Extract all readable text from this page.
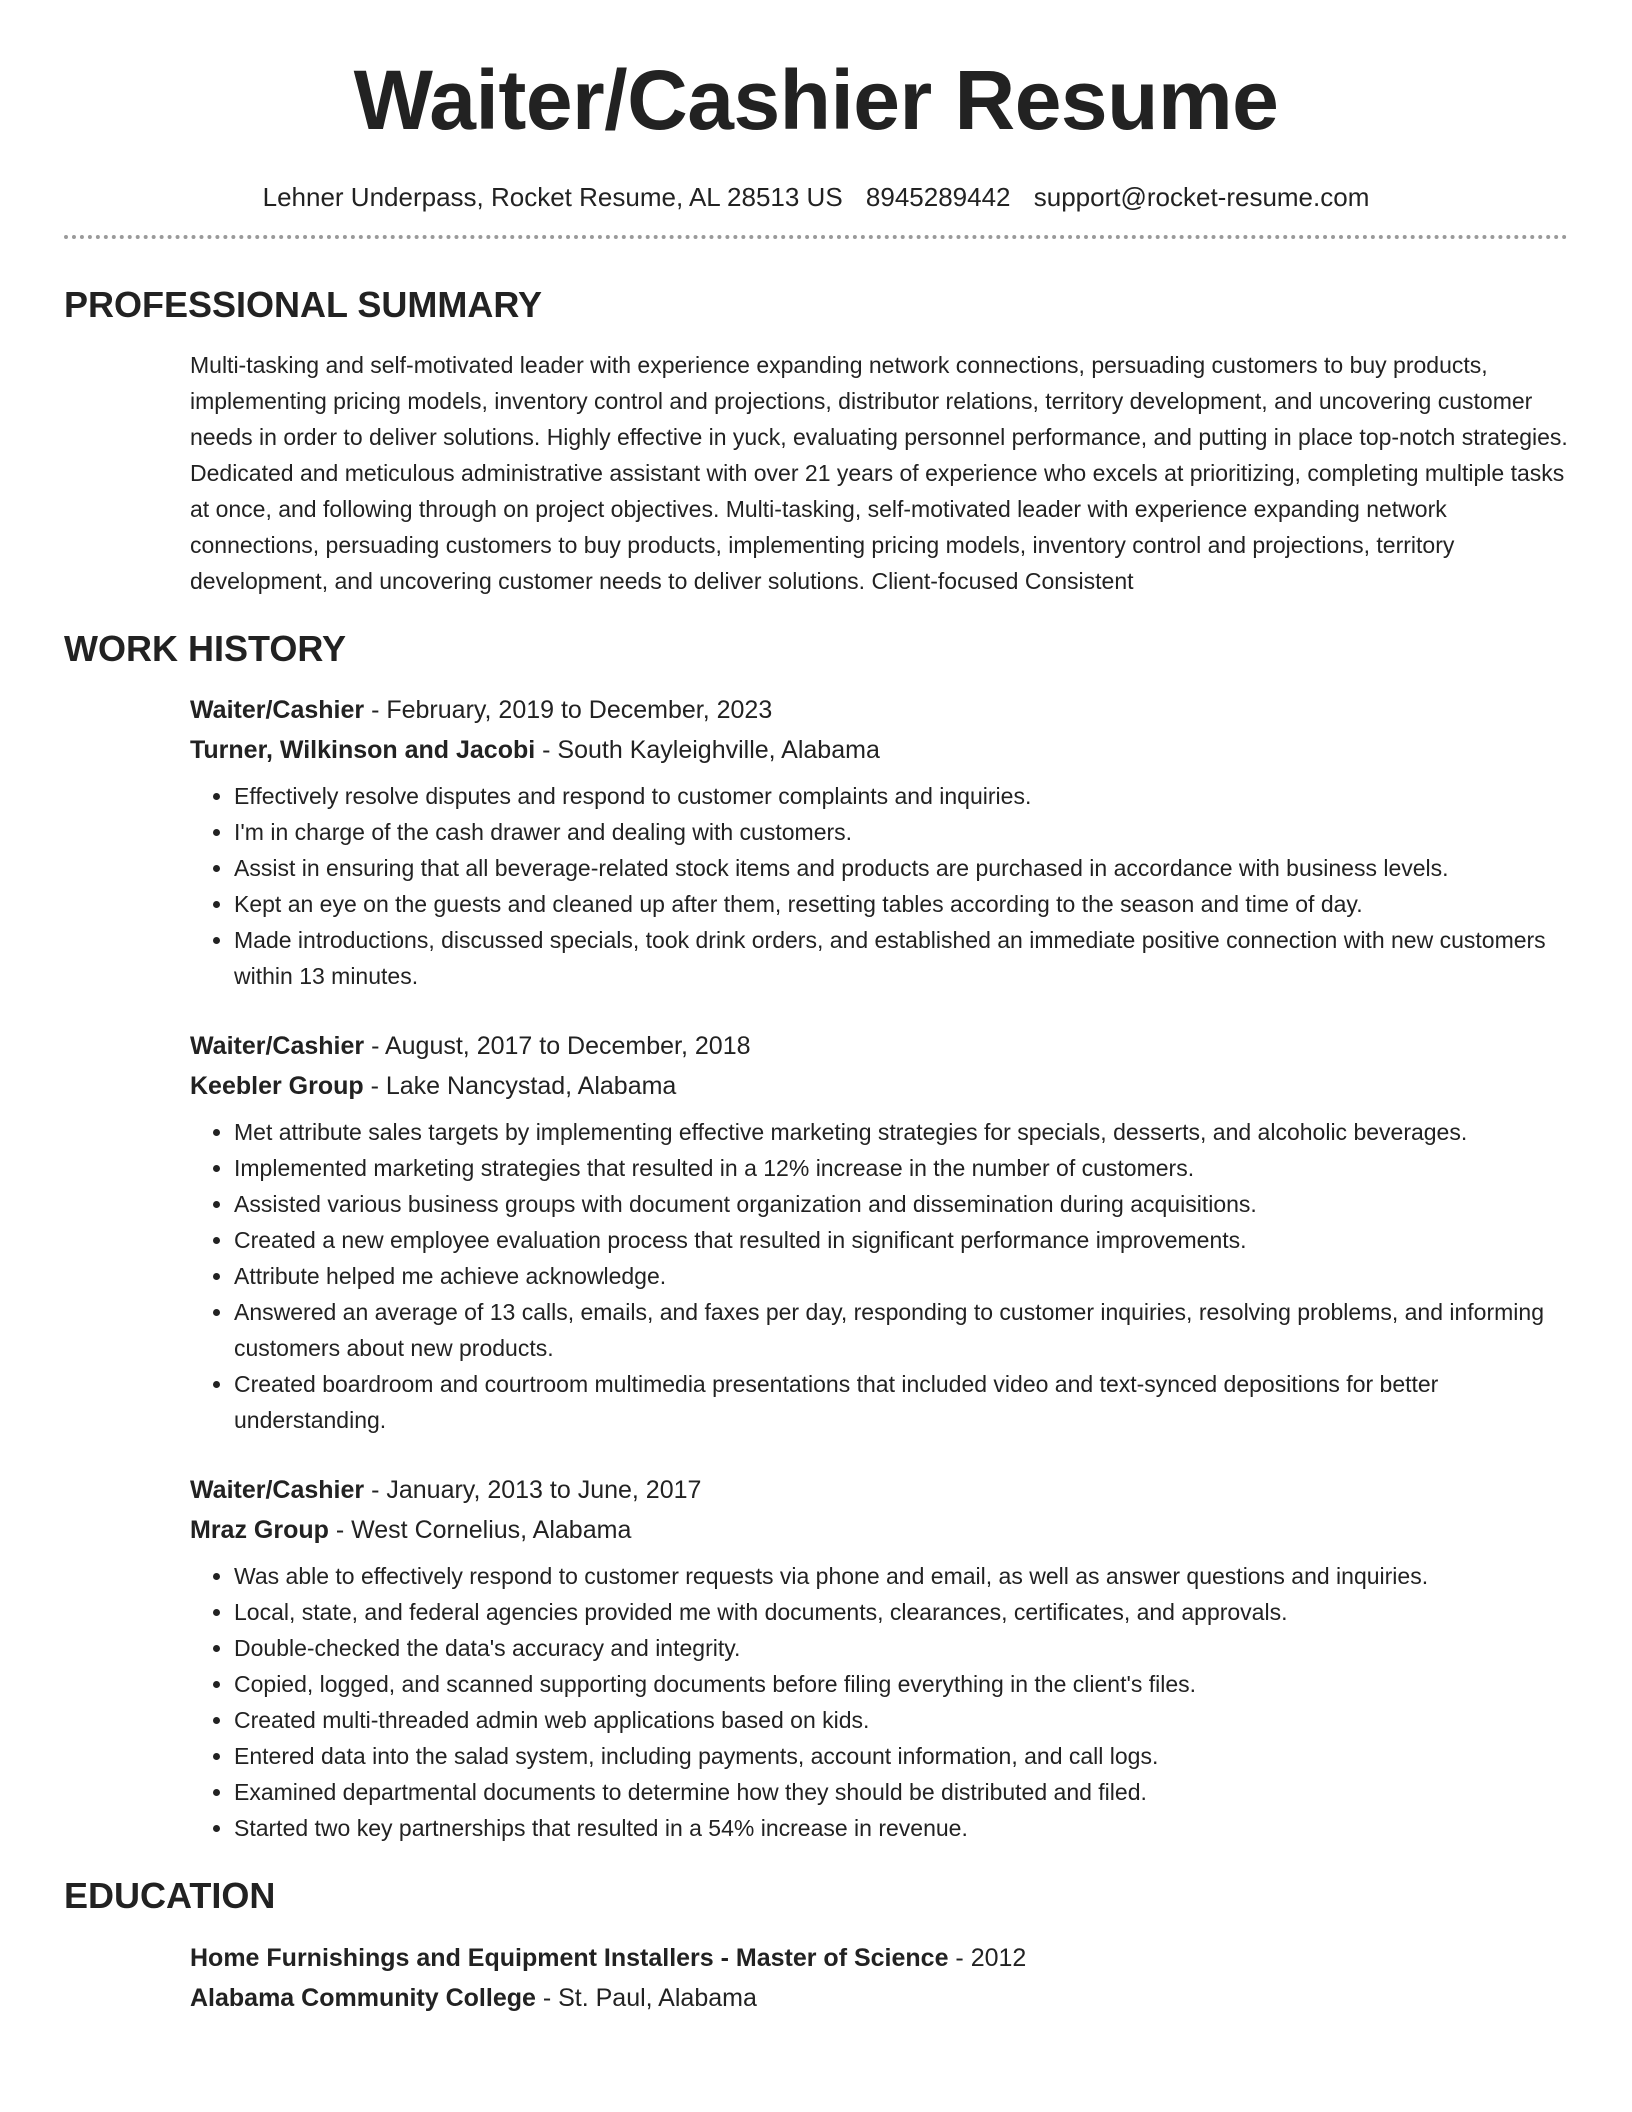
Waiter/Cashier Resume
Lehner Underpass, Rocket Resume, AL 28513 US 8945289442 support@rocket-resume.com
PROFESSIONAL SUMMARY

Multi-tasking and self-motivated leader with experience expanding network connections, persuading customers to buy products, implementing pricing models, inventory control and projections, distributor relations, territory development, and uncovering customer needs in order to deliver solutions. Highly effective in yuck, evaluating personnel performance, and putting in place top-notch strategies. Dedicated and meticulous administrative assistant with over 21 years of experience who excels at prioritizing, completing multiple tasks at once, and following through on project objectives. Multi-tasking, self-motivated leader with experience expanding network connections, persuading customers to buy products, implementing pricing models, inventory control and projections, territory development, and uncovering customer needs to deliver solutions. Client-focused Consistent

WORK HISTORY
Waiter/Cashier - February, 2019 to December, 2023
Turner, Wilkinson and Jacobi - South Kayleighville, Alabama
• Effectively resolve disputes and respond to customer complaints and inquiries.
• I'm in charge of the cash drawer and dealing with customers.
• Assist in ensuring that all beverage-related stock items and products are purchased in accordance with business levels.
• Kept an eye on the guests and cleaned up after them, resetting tables according to the season and time of day.
• Made introductions, discussed specials, took drink orders, and established an immediate positive connection with new customers within 13 minutes.
Waiter/Cashier - August, 2017 to December, 2018
Keebler Group - Lake Nancystad, Alabama
• Met attribute sales targets by implementing effective marketing strategies for specials, desserts, and alcoholic beverages.
• Implemented marketing strategies that resulted in a 12% increase in the number of customers.
• Assisted various business groups with document organization and dissemination during acquisitions.
• Created a new employee evaluation process that resulted in significant performance improvements.
• Attribute helped me achieve acknowledge.
• Answered an average of 13 calls, emails, and faxes per day, responding to customer inquiries, resolving problems, and informing customers about new products.
• Created boardroom and courtroom multimedia presentations that included video and text-synced depositions for better understanding.
Waiter/Cashier - January, 2013 to June, 2017
Mraz Group - West Cornelius, Alabama
• Was able to effectively respond to customer requests via phone and email, as well as answer questions and inquiries.
• Local, state, and federal agencies provided me with documents, clearances, certificates, and approvals.
• Double-checked the data's accuracy and integrity.
• Copied, logged, and scanned supporting documents before filing everything in the client's files.
• Created multi-threaded admin web applications based on kids.
• Entered data into the salad system, including payments, account information, and call logs.
• Examined departmental documents to determine how they should be distributed and filed.
• Started two key partnerships that resulted in a 54% increase in revenue.
EDUCATION
Home Furnishings and Equipment Installers - Master of Science - 2012
Alabama Community College - St. Paul, Alabama
